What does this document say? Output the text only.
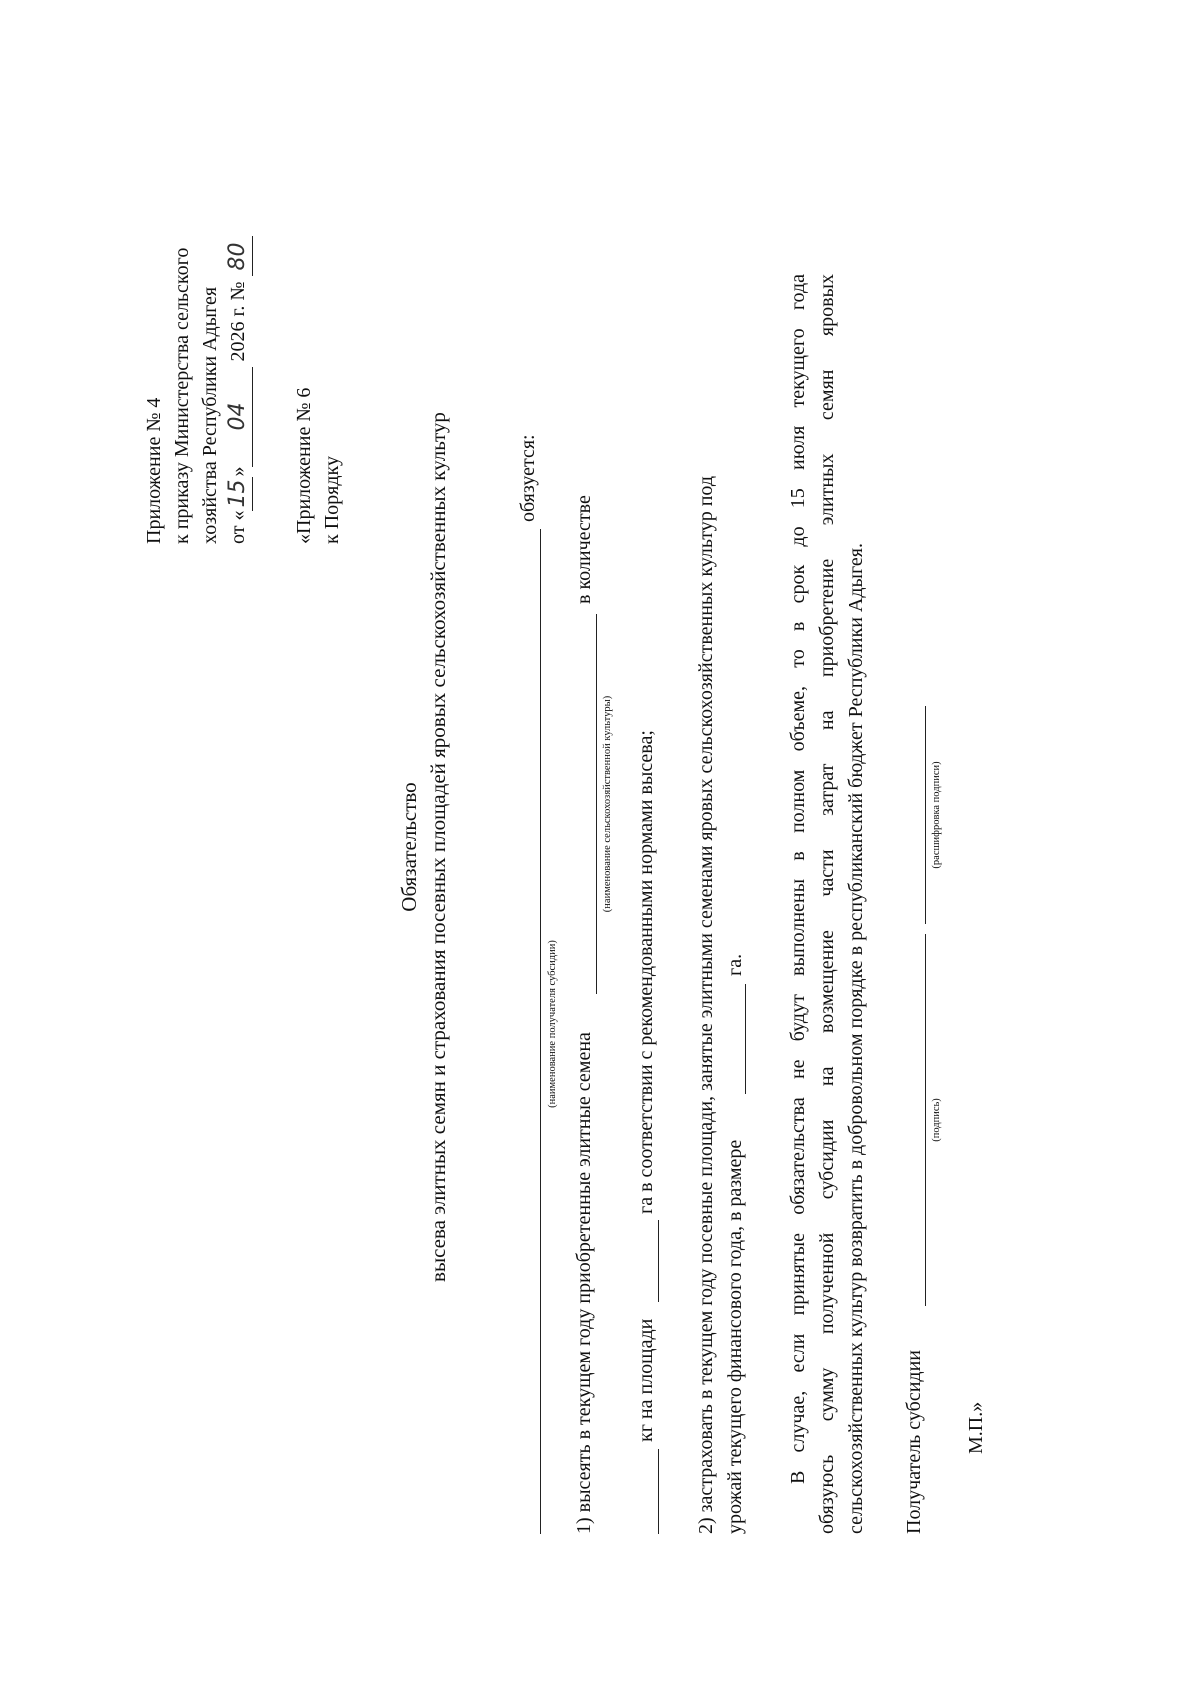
Приложение № 4 к приказу Министерства сельского хозяйства Республики Адыгея от «15»04 2026 г. № 80
«Приложение № 6 к Порядку
Обязательство высева элитных семян и страхования посевных площадей яровых сельскохозяйственных культур	обязуется:
(наименование получателя субсидии)
1) высеять в текущем году приобретенные элитные семена
в количестве
(наименование сельскохозяйственной культуры)
кг на площади
га в соответствии с рекомендованными нормами высева; 2) застраховать в текущем году посевные площади, занятые элитными семенами яровых сельскохозяйственных культур под урожай текущего финансового года, в размере
га. В случае, если принятые обязательства не будут выполнены в полном объеме, то в срок до 15 июля текущего года обязуюсь сумму полученной субсидии на возмещение части затрат на приобретение элитных семян яровых сельскохозяйственных культур возвратить в добровольном порядке в республиканский бюджет Республики Адыгея. Получатель субсидии
(подпись)
(расшифровка подписи)
М.П.»
